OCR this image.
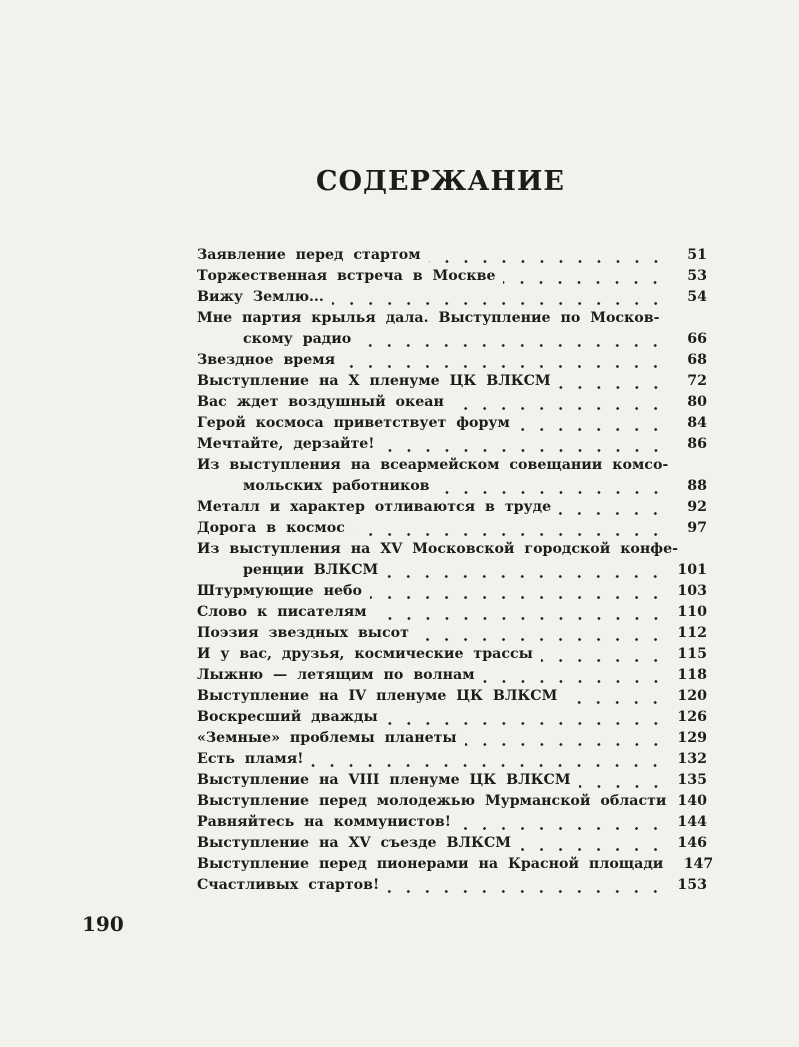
СОДЕРЖАНИЕ
Заявление перед стартом	51
Торжественная встреча в Москве	53
Вижу Землю...	54
Мне партия крылья дала. Выступление по Москов-
скому радио	66
Звездное время	68
Выступление на X пленуме ЦК ВЛКСМ	72
Вас ждет воздушный океан	80
Герой космоса приветствует форум	84
Мечтайте, дерзайте!	86
Из выступления на всеармейском совещании комсо-
мольских работников	88
Металл и характер отливаются в труде	92
Дорога в космос	97
Из выступления на XV Московской городской конфе-
ренции ВЛКСМ	101
Штурмующие небо	103
Слово к писателям	110
Поэзия звездных высот	112
И у вас, друзья, космические трассы	115
Лыжню — летящим по волнам	118
Выступление на IV пленуме ЦК ВЛКСМ	120
Воскресший дважды	126
«Земные» проблемы планеты	129
Есть пламя!	132
Выступление на VIII пленуме ЦК ВЛКСМ	135
Выступление перед молодежью Мурманской области 140
Равняйтесь на коммунистов!	144
Выступление на XV съезде ВЛКСМ	146
Выступление перед пионерами на Красной площади 147
Счастливых стартов!	153
190
